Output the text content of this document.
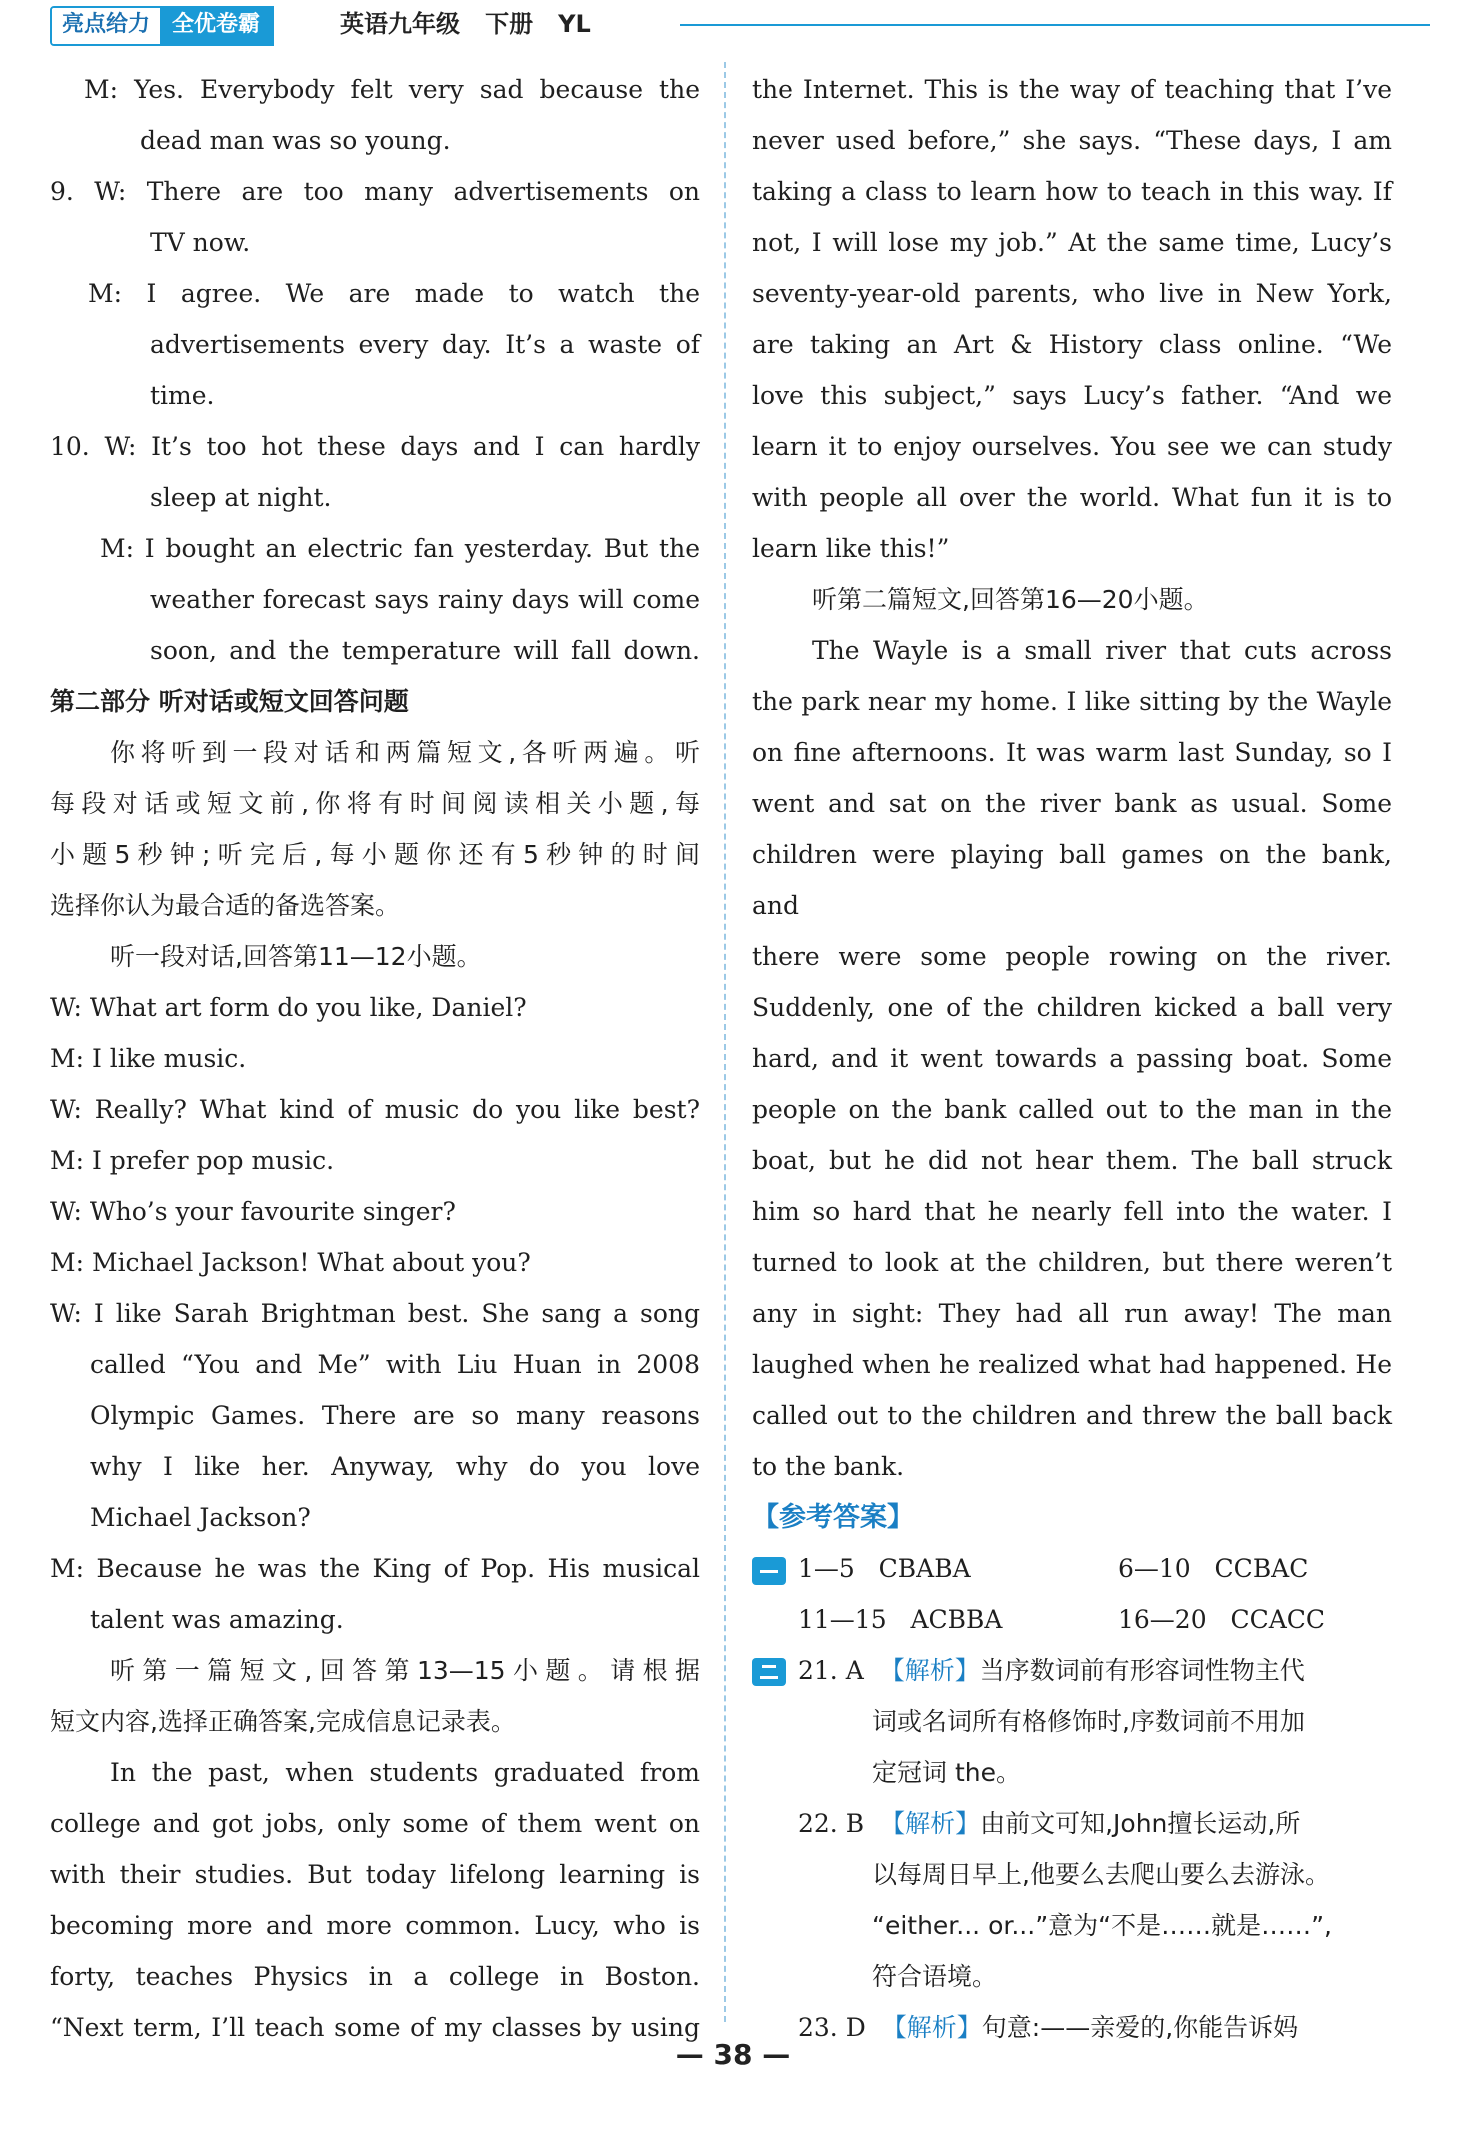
亮点给力	全优卷霸	英语九年级   下册   YL
M: Yes. Everybody felt very sad because the
dead man was so young.
9. W: There are too many advertisements on
TV now.
M: I agree. We are made to watch the
advertisements every day. It’s a waste of
time.
10. W: It’s too hot these days and I can hardly
sleep at night.
M: I bought an electric fan yesterday. But the
weather forecast says rainy days will come
soon, and the temperature will fall down.
第二部分 听对话或短文回答问题
你将听到一段对话和两篇短文,各听两遍。听
每段对话或短文前,你将有时间阅读相关小题,每
小题5秒钟;听完后,每小题你还有5秒钟的时间
选择你认为最合适的备选答案。
听一段对话,回答第11—12小题。
W: What art form do you like, Daniel?
M: I like music.
W: Really? What kind of music do you like best?
M: I prefer pop music.
W: Who’s your favourite singer?
M: Michael Jackson! What about you?
W: I like Sarah Brightman best. She sang a song
called “You and Me” with Liu Huan in 2008
Olympic Games. There are so many reasons
why I like her. Anyway, why do you love
Michael Jackson?
M: Because he was the King of Pop. His musical
talent was amazing.
听第一篇短文,回答第13—15小题。请根据
短文内容,选择正确答案,完成信息记录表。
In the past, when students graduated from
college and got jobs, only some of them went on
with their studies. But today lifelong learning is
becoming more and more common. Lucy, who is
forty, teaches Physics in a college in Boston.
“Next term, I’ll teach some of my classes by using
the Internet. This is the way of teaching that I’ve
never used before,” she says. “These days, I am
taking a class to learn how to teach in this way. If
not, I will lose my job.” At the same time, Lucy’s
seventy-year-old parents, who live in New York,
are taking an Art & History class online. “We
love this subject,” says Lucy’s father. “And we
learn it to enjoy ourselves. You see we can study
with people all over the world. What fun it is to
learn like this!”
听第二篇短文,回答第16—20小题。
The Wayle is a small river that cuts across
the park near my home. I like sitting by the Wayle
on fine afternoons. It was warm last Sunday, so I
went and sat on the river bank as usual. Some
children were playing ball games on the bank, and
there were some people rowing on the river.
Suddenly, one of the children kicked a ball very
hard, and it went towards a passing boat. Some
people on the bank called out to the man in the
boat, but he did not hear them. The ball struck
him so hard that he nearly fell into the water. I
turned to look at the children, but there weren’t
any in sight: They had all run away! The man
laughed when he realized what had happened. He
called out to the children and threw the ball back
to the bank.
【参考答案】
1—5   CBABA	6—10   CCBAC
11—15   ACBBA	16—20   CCACC
21. A 【解析】当序数词前有形容词性物主代
词或名词所有格修饰时,序数词前不用加
定冠词 the。
22. B 【解析】由前文可知,John擅长运动,所
以每周日早上,他要么去爬山要么去游泳。
“either... or...”意为“不是……就是……”,
符合语境。
23. D 【解析】句意:——亲爱的,你能告诉妈
— 38 —
